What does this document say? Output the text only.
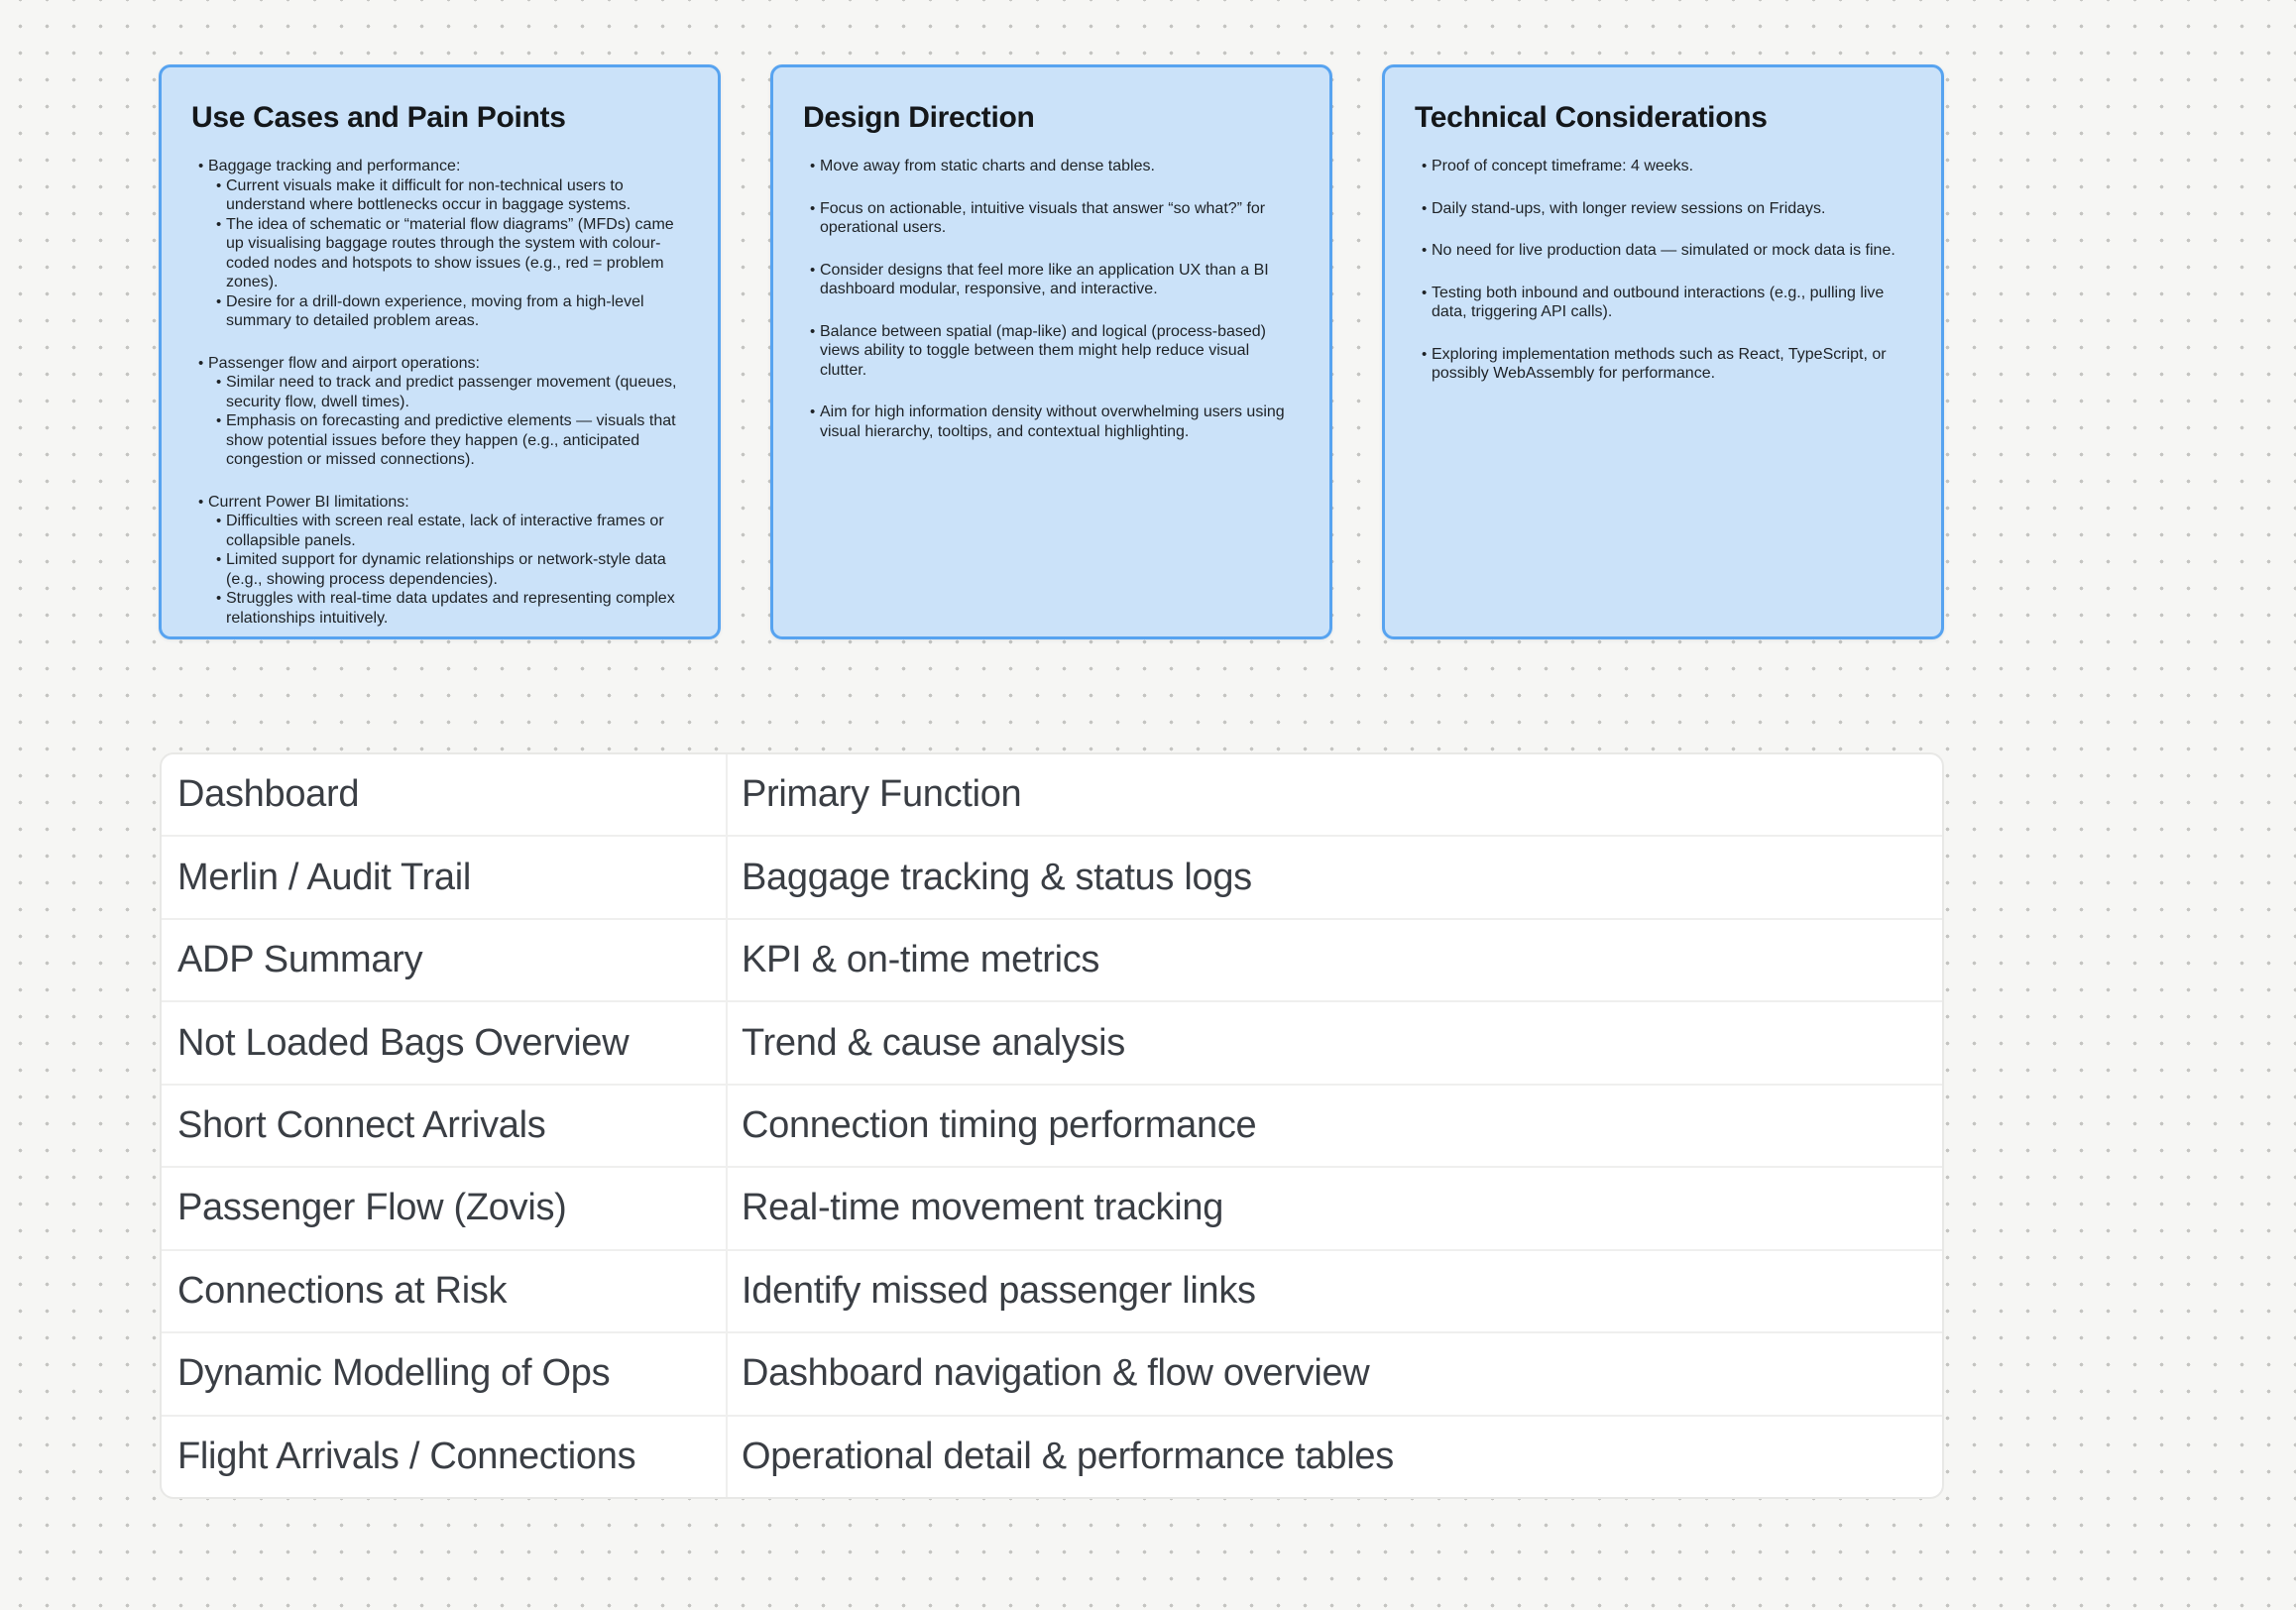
Use Cases and Pain Points
•
Baggage tracking and performance:
•
Current visuals make it difficult for non-technical users to understand where bottlenecks occur in baggage systems.
•
The idea of schematic or “material flow diagrams” (MFDs) came up visualising baggage routes through the system with colour-coded nodes and hotspots to show issues (e.g., red = problem zones).
•
Desire for a drill-down experience, moving from a high-level summary to detailed problem areas.
•
Passenger flow and airport operations:
•
Similar need to track and predict passenger movement (queues, security flow, dwell times).
•
Emphasis on forecasting and predictive elements — visuals that show potential issues before they happen (e.g., anticipated congestion or missed connections).
•
Current Power BI limitations:
•
Difficulties with screen real estate, lack of interactive frames or collapsible panels.
•
Limited support for dynamic relationships or network-style data (e.g., showing process dependencies).
•
Struggles with real-time data updates and representing complex relationships intuitively.
Design Direction
•
Move away from static charts and dense tables.
•
Focus on actionable, intuitive visuals that answer “so what?” for operational users.
•
Consider designs that feel more like an application UX than a BI dashboard modular, responsive, and interactive.
•
Balance between spatial (map-like) and logical (process-based) views ability to toggle between them might help reduce visual clutter.
•
Aim for high information density without overwhelming users using visual hierarchy, tooltips, and contextual highlighting.
Technical Considerations
•
Proof of concept timeframe: 4 weeks.
•
Daily stand-ups, with longer review sessions on Fridays.
•
No need for live production data — simulated or mock data is fine.
•
Testing both inbound and outbound interactions (e.g., pulling live data, triggering API calls).
•
Exploring implementation methods such as React, TypeScript, or possibly WebAssembly for performance.
Dashboard	Primary Function
Merlin / Audit Trail	Baggage tracking & status logs
ADP Summary	KPI & on-time metrics
Not Loaded Bags Overview	Trend & cause analysis
Short Connect Arrivals	Connection timing performance
Passenger Flow (Zovis)	Real-time movement tracking
Connections at Risk	Identify missed passenger links
Dynamic Modelling of Ops	Dashboard navigation & flow overview
Flight Arrivals / Connections	Operational detail & performance tables
